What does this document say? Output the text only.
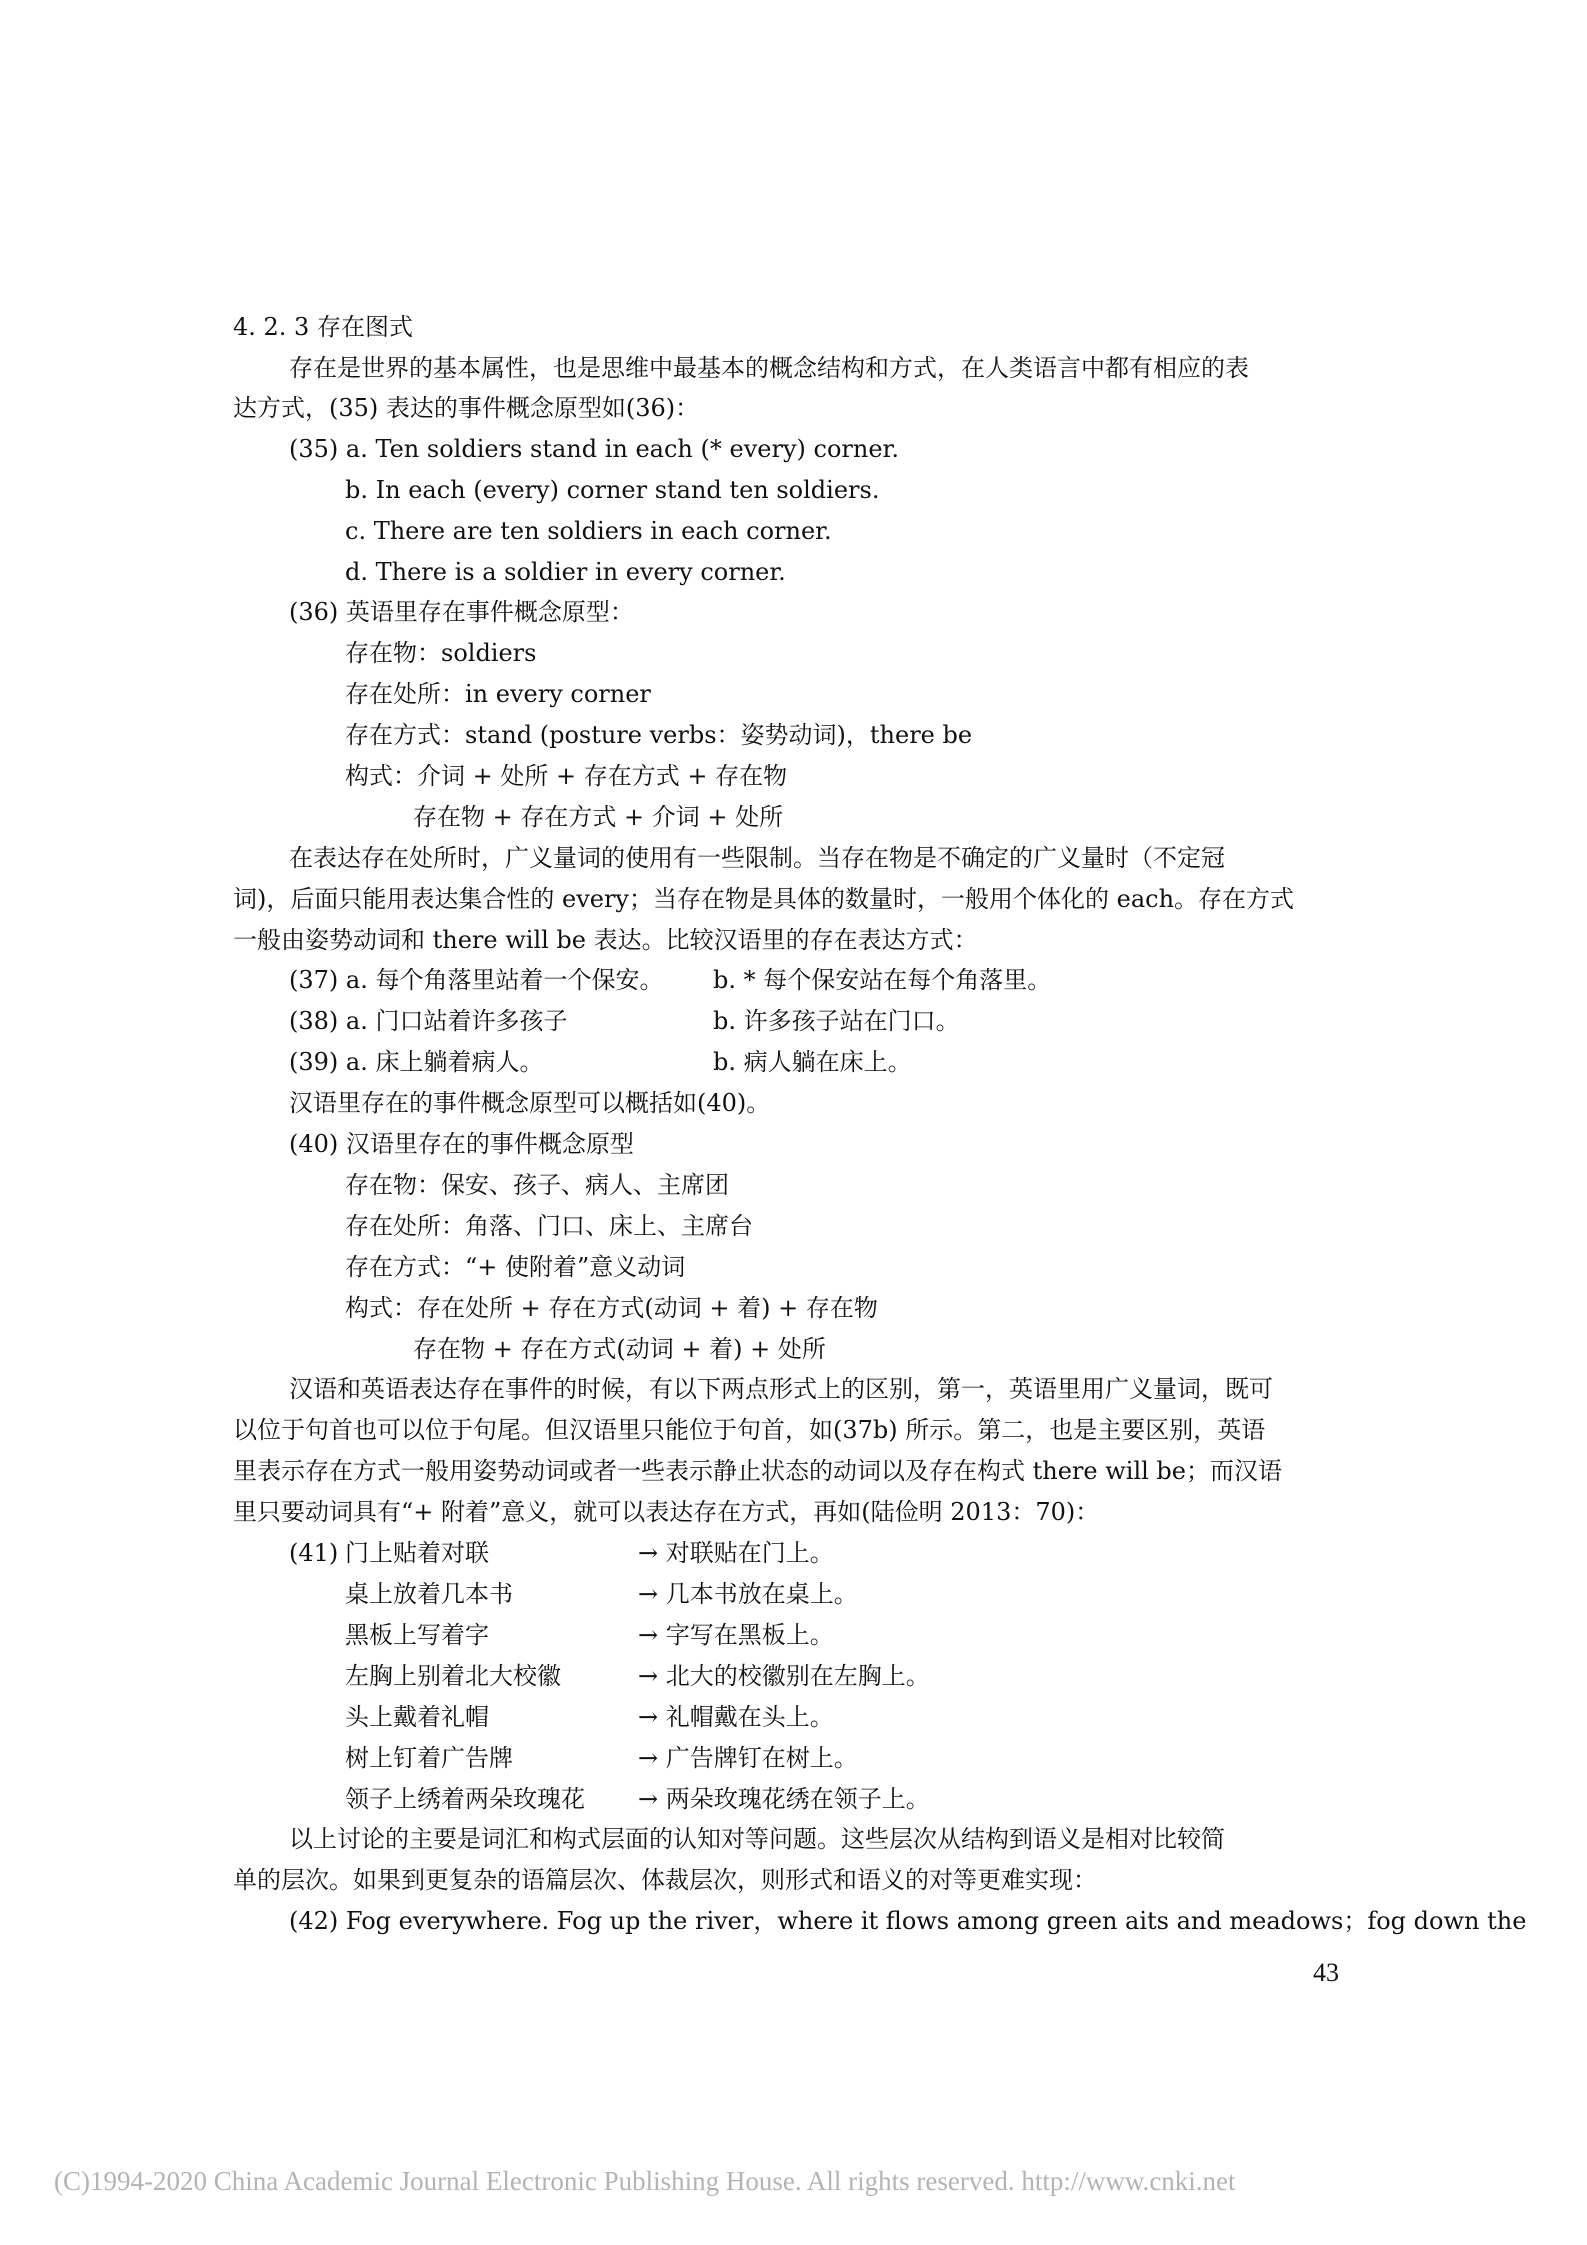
4. 2. 3 存在图式
存在是世界的基本属性，也是思维中最基本的概念结构和方式，在人类语言中都有相应的表
达方式，(35) 表达的事件概念原型如(36)：
(35) a. Ten soldiers stand in each (* every) corner.
b. In each (every) corner stand ten soldiers.
c. There are ten soldiers in each corner.
d. There is a soldier in every corner.
(36) 英语里存在事件概念原型：
存在物：soldiers
存在处所：in every corner
存在方式：stand (posture verbs：姿势动词)，there be
构式：介词 + 处所 + 存在方式 + 存在物
存在物 + 存在方式 + 介词 + 处所
在表达存在处所时，广义量词的使用有一些限制。当存在物是不确定的广义量时（不定冠
词)，后面只能用表达集合性的 every；当存在物是具体的数量时，一般用个体化的 each。存在方式
一般由姿势动词和 there will be 表达。比较汉语里的存在表达方式：
(37) a. 每个角落里站着一个保安。 b. * 每个保安站在每个角落里。
(38) a. 门口站着许多孩子	b. 许多孩子站在门口。
(39) a. 床上躺着病人。	b. 病人躺在床上。
汉语里存在的事件概念原型可以概括如(40)。
(40) 汉语里存在的事件概念原型
存在物：保安、孩子、病人、主席团
存在处所：角落、门口、床上、主席台
存在方式：“+ 使附着”意义动词
构式：存在处所 + 存在方式(动词 + 着) + 存在物
存在物 + 存在方式(动词 + 着) + 处所
汉语和英语表达存在事件的时候，有以下两点形式上的区别，第一，英语里用广义量词，既可
以位于句首也可以位于句尾。但汉语里只能位于句首，如(37b) 所示。第二，也是主要区别，英语
里表示存在方式一般用姿势动词或者一些表示静止状态的动词以及存在构式 there will be；而汉语
里只要动词具有“+ 附着”意义，就可以表达存在方式，再如(陆俭明 2013：70)：
(41) 门上贴着对联	→ 对联贴在门上。
桌上放着几本书	→ 几本书放在桌上。
黑板上写着字	→ 字写在黑板上。
左胸上别着北大校徽	→ 北大的校徽别在左胸上。
头上戴着礼帽	→ 礼帽戴在头上。
树上钉着广告牌	→ 广告牌钉在树上。
领子上绣着两朵玫瑰花 → 两朵玫瑰花绣在领子上。
以上讨论的主要是词汇和构式层面的认知对等问题。这些层次从结构到语义是相对比较简
单的层次。如果到更复杂的语篇层次、体裁层次，则形式和语义的对等更难实现：
(42) Fog everywhere. Fog up the river，where it flows among green aits and meadows；fog down the
43
(C)1994-2020 China Academic Journal Electronic Publishing House. All rights reserved. http://www.cnki.net
